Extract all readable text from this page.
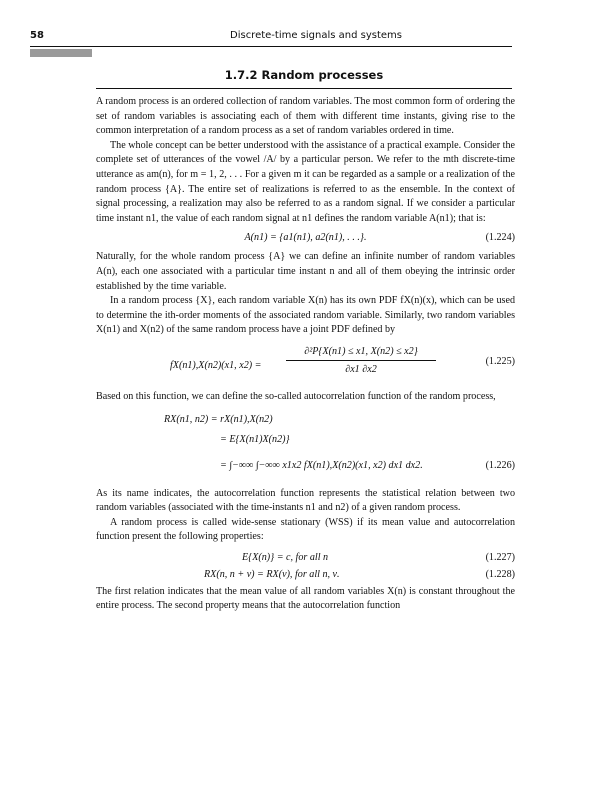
58	Discrete-time signals and systems
1.7.2 Random processes

A random process is an ordered collection of random variables. The most common form of ordering the set of random variables is associating each of them with different time instants, giving rise to the common interpretation of a random process as a set of random variables ordered in time.

The whole concept can be better understood with the assistance of a practical example. Consider the complete set of utterances of the vowel /A/ by a particular person. We refer to the mth discrete-time utterance as am(n), for m = 1, 2, . . . For a given m it can be regarded as a sample or a realization of the random process {A}. The entire set of realizations is referred to as the ensemble. In the context of signal processing, a realization may also be referred to as a random signal. If we consider a particular time instant n1, the value of each random signal at n1 defines the random variable A(n1); that is:

A(n1) = {a1(n1), a2(n1), . . .}.	(1.224)

Naturally, for the whole random process {A} we can define an infinite number of random variables A(n), each one associated with a particular time instant n and all of them obeying the intrinsic order established by the time variable.

In a random process {X}, each random variable X(n) has its own PDF fX(n)(x), which can be used to determine the ith-order moments of the associated random variable. Similarly, two random variables X(n1) and X(n2) of the same random process have a joint PDF defined by

fX(n1),X(n2)(x1, x2) =
∂²P{X(n1) ≤ x1, X(n2) ≤ x2}
∂x1 ∂x2
(1.225)

Based on this function, we can define the so-called autocorrelation function of the random process,

RX(n1, n2) = rX(n1),X(n2)
= E{X(n1)X(n2)}
= ∫−∞∞ ∫−∞∞ x1x2 fX(n1),X(n2)(x1, x2) dx1 dx2.	(1.226)

As its name indicates, the autocorrelation function represents the statistical relation between two random variables (associated with the time-instants n1 and n2) of a given random process.

A random process is called wide-sense stationary (WSS) if its mean value and autocorrelation function present the following properties:

E{X(n)} = c, for all n	(1.227)
RX(n, n + ν) = RX(ν), for all n, ν.	(1.228)

The first relation indicates that the mean value of all random variables X(n) is constant throughout the entire process. The second property means that the autocorrelation function
